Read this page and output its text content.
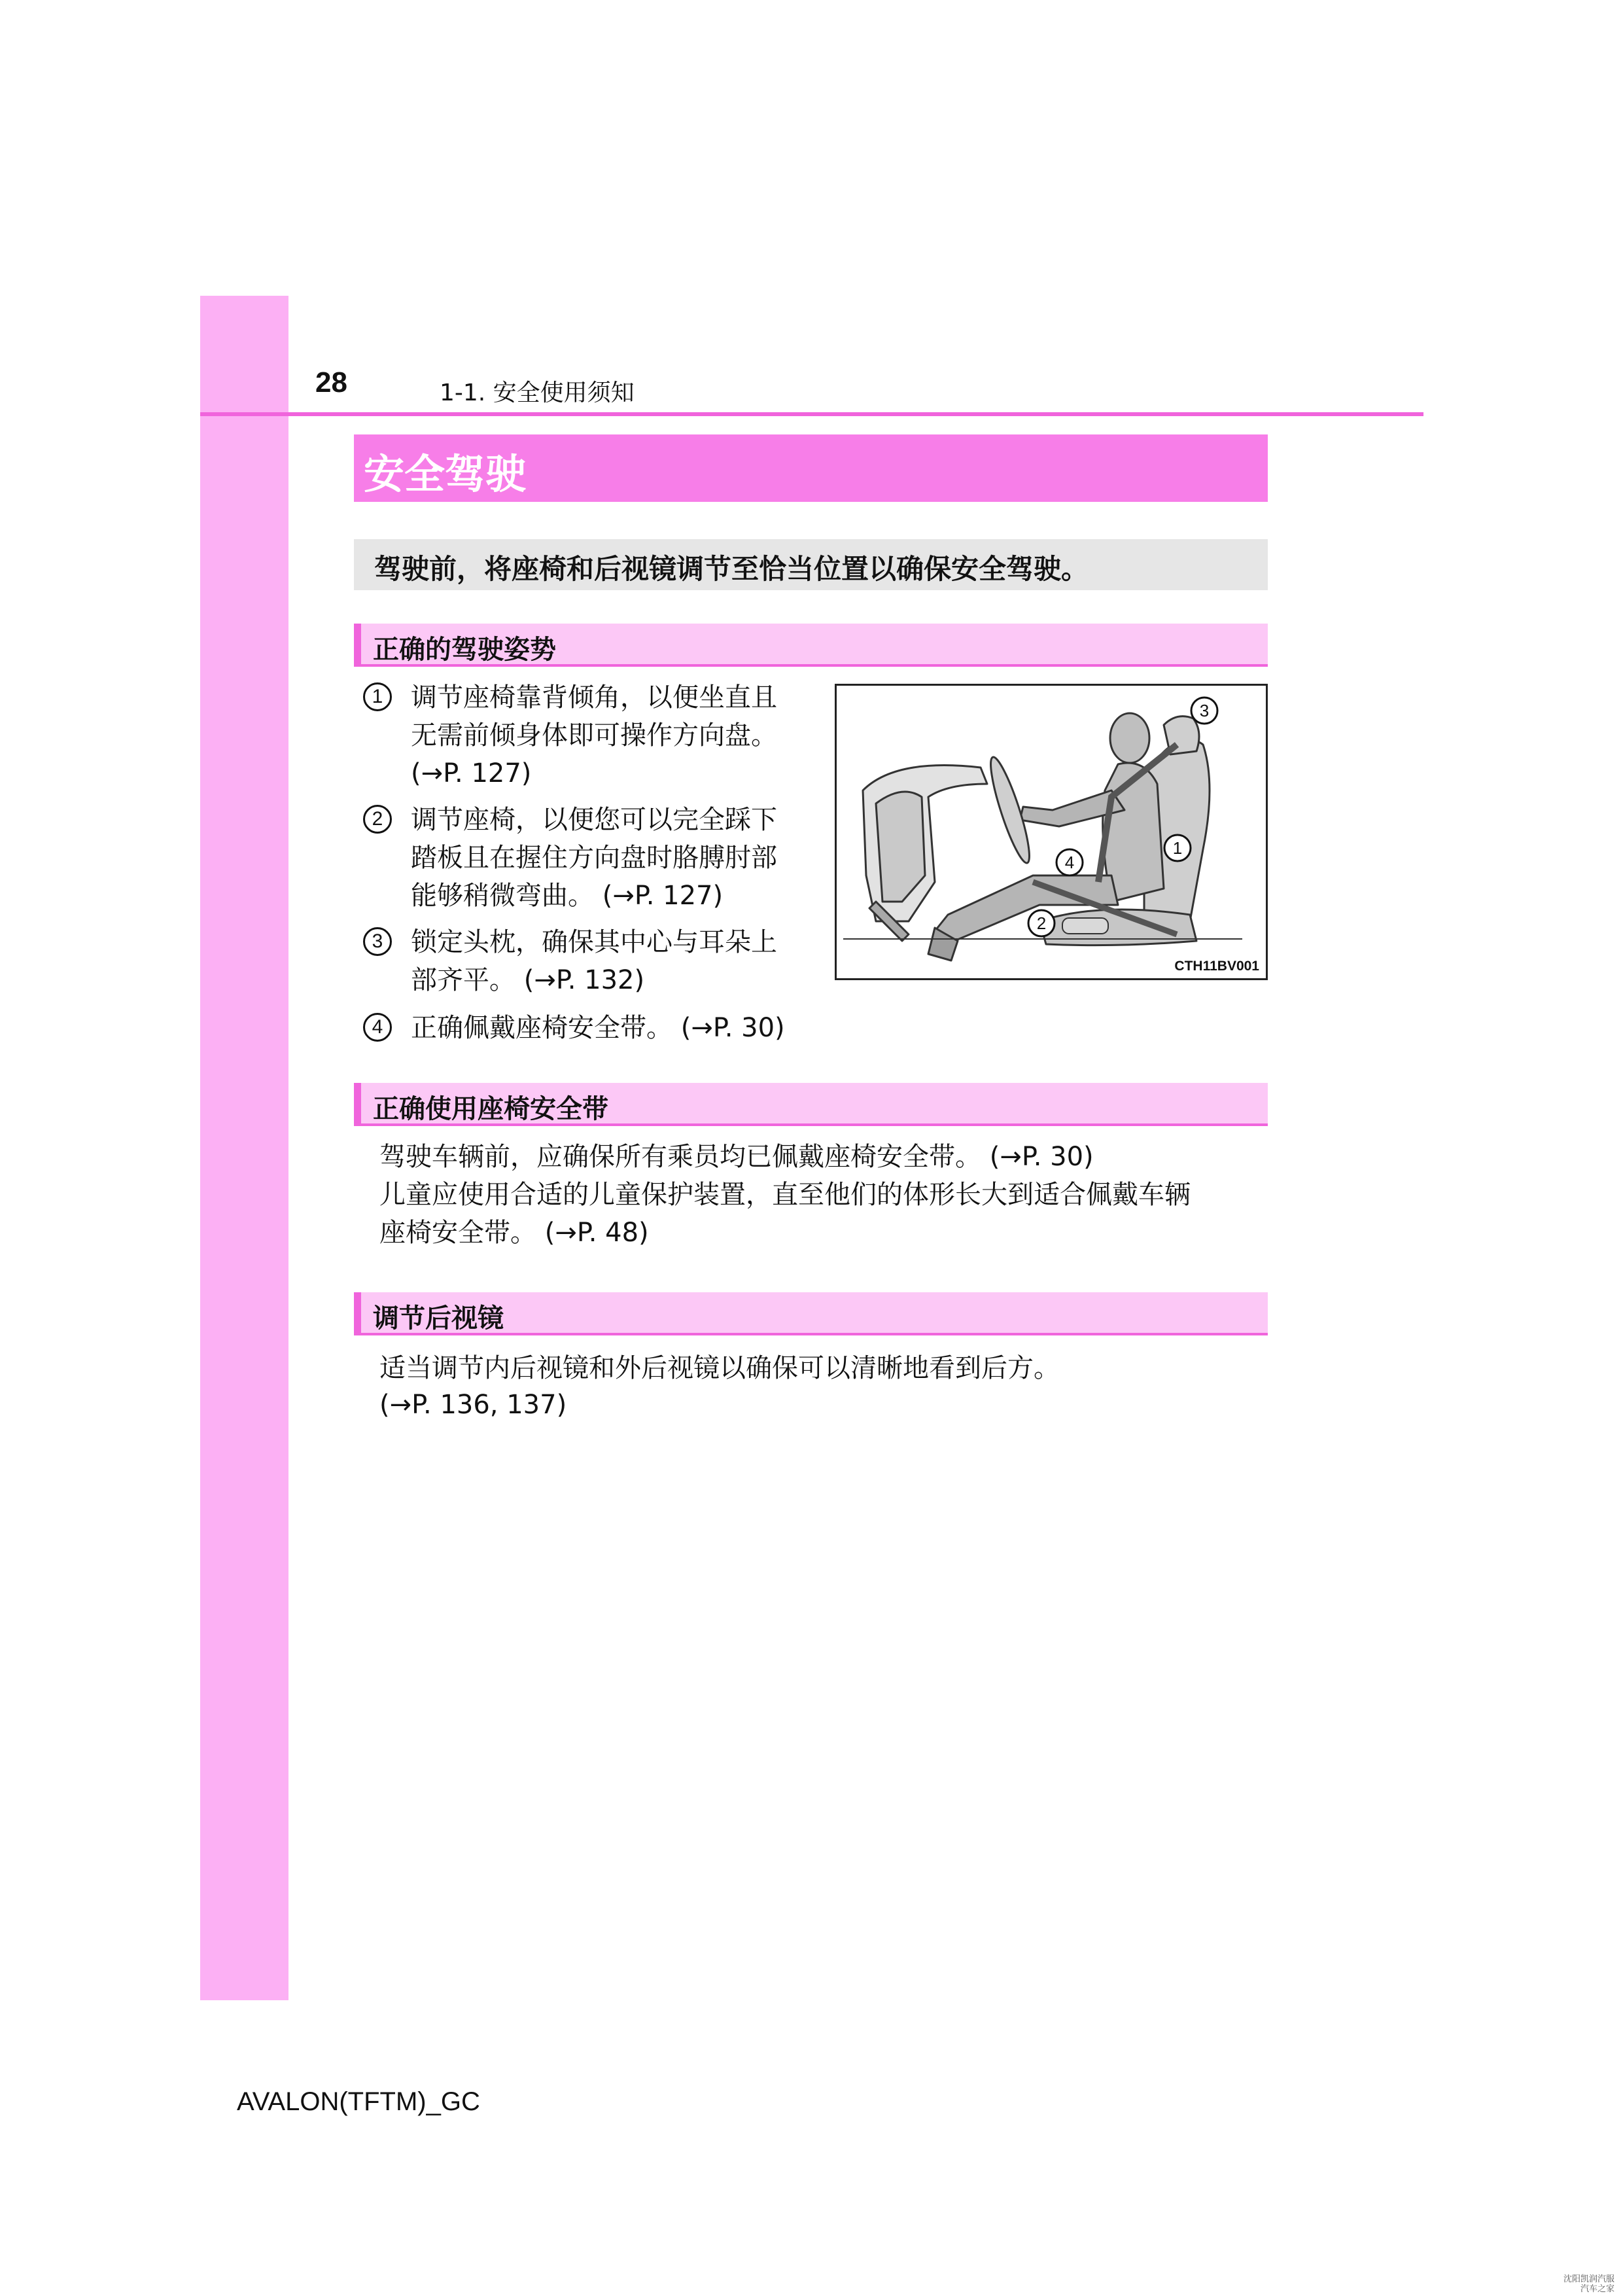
28	1-1. 安全使用须知
安全驾驶
驾驶前，将座椅和后视镜调节至恰当位置以确保安全驾驶。
正确的驾驶姿势
1	调节座椅靠背倾角，以便坐直且
无需前倾身体即可操作方向盘。
(→P. 127)
2	调节座椅，以便您可以完全踩下
踏板且在握住方向盘时胳膊肘部
能够稍微弯曲。 (→P. 127)
3	锁定头枕，确保其中心与耳朵上
部齐平。 (→P. 132)
4	正确佩戴座椅安全带。 (→P. 30)
3
1
2
4
CTH11BV001
正确使用座椅安全带
驾驶车辆前，应确保所有乘员均已佩戴座椅安全带。 (→P. 30)
儿童应使用合适的儿童保护装置，直至他们的体形长大到适合佩戴车辆
座椅安全带。 (→P. 48)
调节后视镜
适当调节内后视镜和外后视镜以确保可以清晰地看到后方。
(→P. 136, 137)
AVALON(TFTM)_GC
沈阳凯润汽服
汽车之家
